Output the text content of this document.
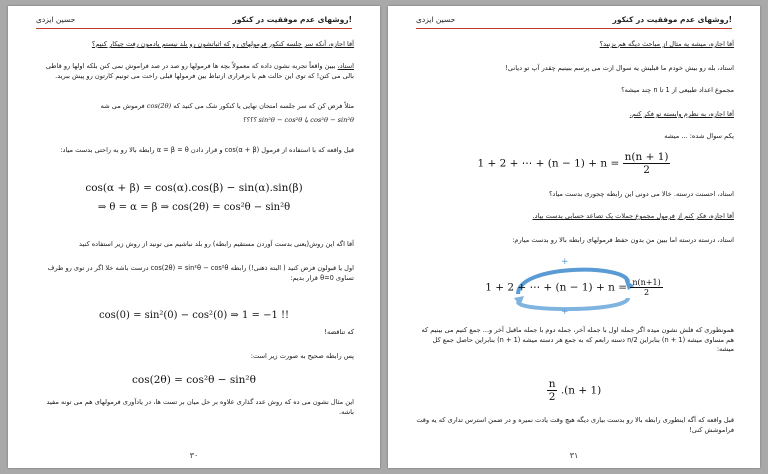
روشهای عدم موفقیت در کنکور!
حسین ایزدی
آقا اجازه، آنکه سر جلسه کنکور فرمولهای رو که اثباتشون رو بلد نیستم یادمون رفت چیکار کنیم؟
استاد، ببین واقعاً تجربه نشون داده که معمولاً بچه ها فرمولها رو صد در صد فراموش نمی کنن بلکه اولها رو قاطی بالی می کنن! که توی این حالت هم با برقراری ارتباط بین فرمولها قبلی راحت می تونیم کارتون رو پیش ببرید.
مثلاً فرض کن که سر جلسه امتحان نهایی یا کنکور شک می کنید که cos(2θ) فرموش می شه
cos²θ − sin²θ یا sin²θ − cos²θ ؟؟؟؟
قبل واقعه که با استفاده از فرمول cos(α + β) و قرار دادن α = β = θ رابطه بالا رو به راحتی بدست میاد:
cos(α + β) = cos(α).cos(β) − sin(α).sin(β)
⇒ θ = α = β ⇒ cos(2θ) = cos²θ − sin²θ
آقا اگه این روش(یعنی بدست آوردن مستقیم رابطه) رو بلد نباشیم می تونید از روش زیر استفاده کنید
اول یا قبولون فرض کنید ( البته ذهنی!) رابطه cos(2θ) = sin²θ − cos²θ درست باشه خلا اگر در توی رو طرف تساوی θ=0 قرار بدیم:
cos(0) = sin²(0) − cos²(0) ⇒ 1 = −1 !!
که تناقضه!
پس رابطه صحیح به صورت زیر است:
cos(2θ) = cos²θ − sin²θ
این مثال نشون می ده که روش عدد گذاری علاوه بر حل میان بر تست ها، در یادآوری فرمولهای هم می تونه مفید باشه.
۳۰
روشهای عدم موفقیت در کنکور!
حسین ایزدی
آقا اجازه، میشه یه مثال از مباحث دیگه هم بزنید؟
استاد، بله رو بیش خودم ما قبلیش یه سوال ازت می پرسم ببینیم چقدر آپ تو دیانی!
مجموع اعداد طبیعی از 1 تا n چند میشه؟
آقا اجازه، به نظرم وابسته تو فکر کنم.
یکم سوال شده: ... میشه
1 + 2 + ⋯ + $(n - 1) + n = \frac{n(n + 1)}{2}$
استاد، احسنت درسته. خالا می دونی این رابطه چجوری بدست میاد؟
آقا اجازه، فکر کنم از فرمول مجموع جملات یک تصاعد حسابی بدست بیاد.
استاد، درسته درسته اما ببین من بدون حفظ فرمولهای رابطه بالا رو بدست میارم:
+
+
1 + 2 + ⋯ + $(n - 1) + n = \frac{n(n+1)}{2}$
همونطوری که فلش نشون میده اگر جمله اول با جمله آخر، جمله دوم با جمله ماقبل آخر و... جمع کنیم می بینیم که هم مساوی میشه (n + 1) بنابراین n/2 دسته رابعم که به جمع هر دسته میشه (n + 1) بنابراین حاصل جمع کل میشه:
$\frac{n}{2} .(n + 1)$
قبل واقعه که آگه اینطوری رابطه بالا رو بدست بیاری دیگه هیچ وقت یادت نمیره و در ضمن استرس تداری که یه وقت فراموشش کنی!
۳۱
